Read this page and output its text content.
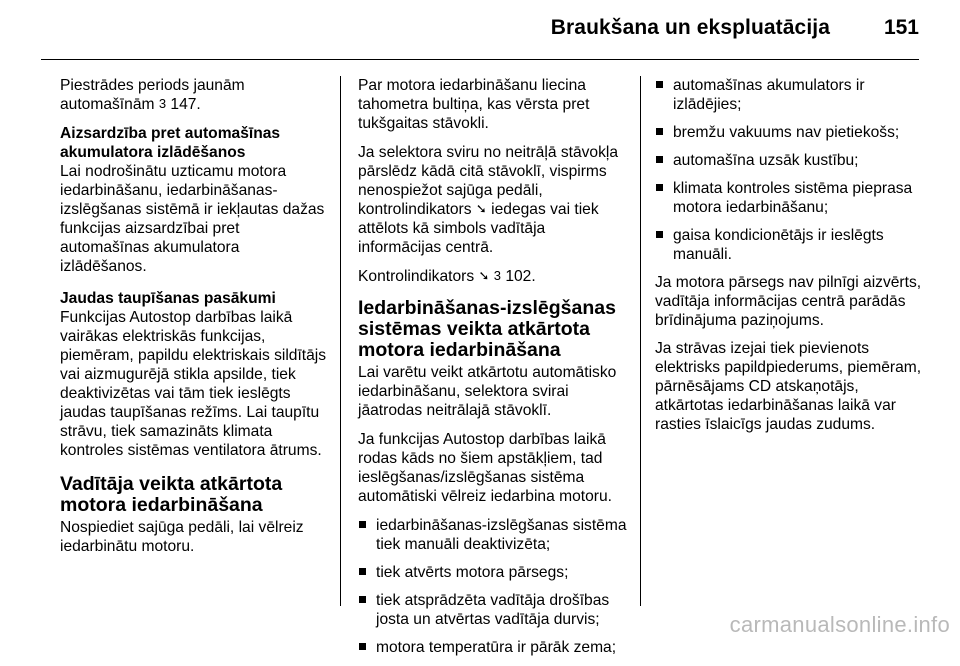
Braukšana un ekspluatācija	151

Piestrādes periods jaunām
automašīnām 3 147.

Aizsardzība pret automašīnas
akumulatora izlādēšanos

Lai nodrošinātu uzticamu motora iedarbināšanu, iedarbināšanas-izslēgšanas sistēmā ir iekļautas dažas funkcijas aizsardzībai pret automašīnas akumulatora izlādēšanos.

Jaudas taupīšanas pasākumi

Funkcijas Autostop darbības laikā vairākas elektriskās funkcijas, piemēram, papildu elektriskais sildītājs vai aizmugurējā stikla apsilde, tiek deaktivizētas vai tām tiek ieslēgts jaudas taupīšanas režīms. Lai taupītu strāvu, tiek samazināts klimata kontroles sistēmas ventilatora ātrums.

Vadītāja veikta atkārtota motora iedarbināšana

Nospiediet sajūga pedāli, lai vēlreiz iedarbinātu motoru.

Par motora iedarbināšanu liecina tahometra bultiņa, kas vērsta pret tukšgaitas stāvokli.

Ja selektora sviru no neitrāļā stāvokļa pārslēdz kādā citā stāvoklī, vispirms nenospiežot sajūga pedāli, kontrolindikators ➘ iedegas vai tiek attēlots kā simbols vadītāja informācijas centrā.

Kontrolindikators ➘ 3 102.

Iedarbināšanas-izslēgšanas sistēmas veikta atkārtota motora iedarbināšana

Lai varētu veikt atkārtotu automātisko iedarbināšanu, selektora svirai jāatrodas neitrālajā stāvoklī.

Ja funkcijas Autostop darbības laikā rodas kāds no šiem apstākļiem, tad ieslēgšanas/izslēgšanas sistēma automātiski vēlreiz iedarbina motoru.

iedarbināšanas-izslēgšanas sistēma tiek manuāli deaktivizēta;
tiek atvērts motora pārsegs;
tiek atsprādzēta vadītāja drošības josta un atvērtas vadītāja durvis;
motora temperatūra ir pārāk zema;
automašīnas akumulators ir izlādējies;
bremžu vakuums nav pietiekošs;
automašīna uzsāk kustību;
klimata kontroles sistēma pieprasa motora iedarbināšanu;
gaisa kondicionētājs ir ieslēgts manuāli.

Ja motora pārsegs nav pilnīgi aizvērts, vadītāja informācijas centrā parādās brīdinājuma paziņojums.

Ja strāvas izejai tiek pievienots elektrisks papildpiederums, piemēram, pārnēsājams CD atskaņotājs, atkārtotas iedarbināšanas laikā var rasties īslaicīgs jaudas zudums.

carmanualsonline.info
